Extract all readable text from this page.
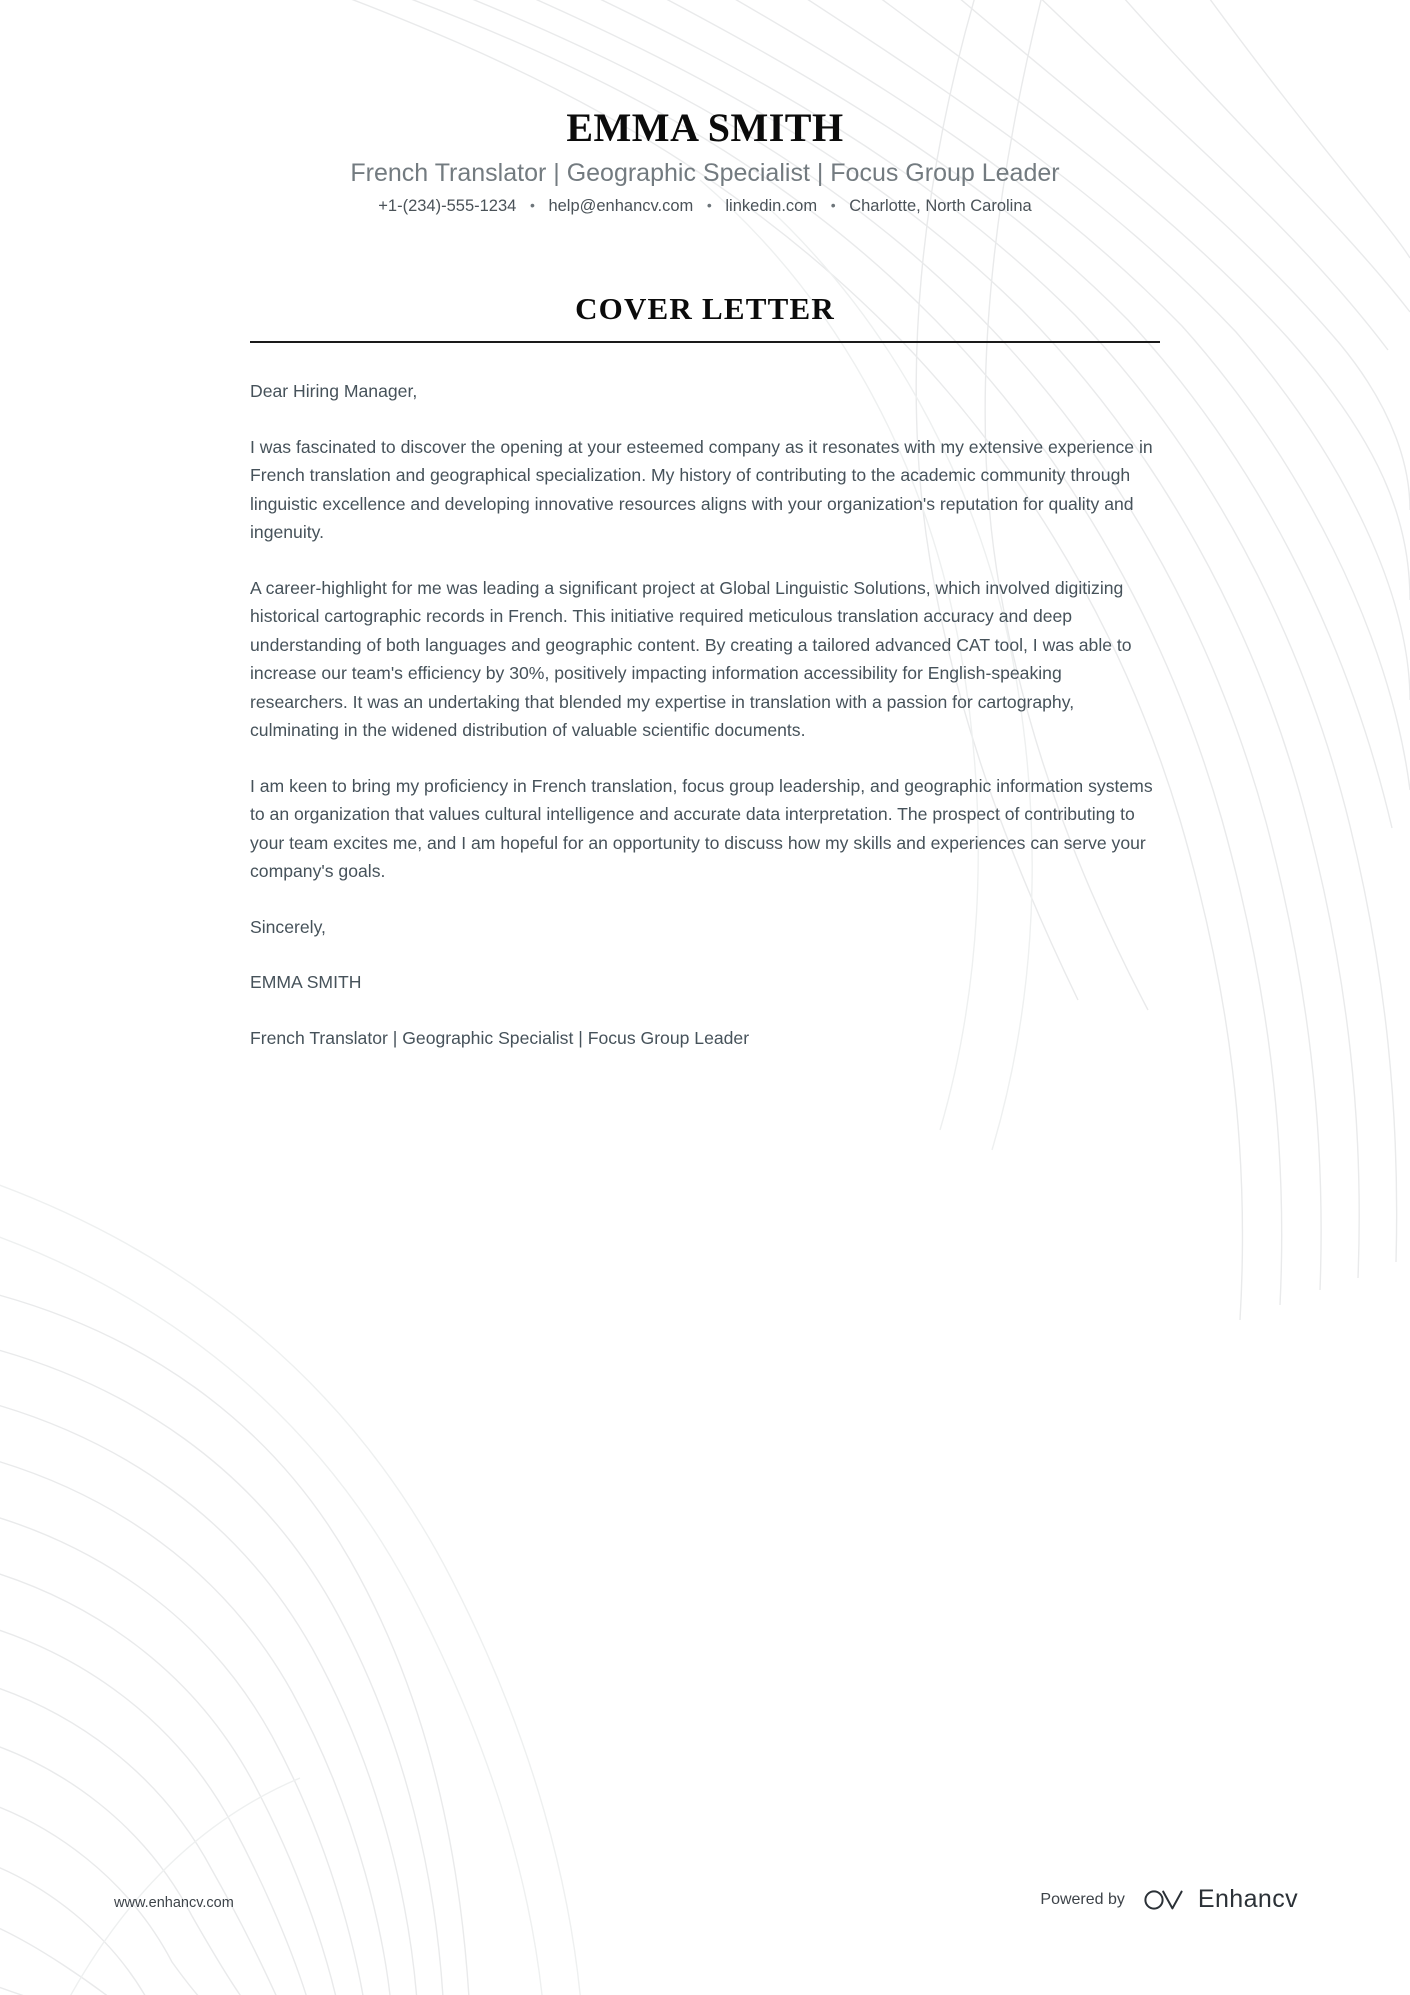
EMMA SMITH
French Translator | Geographic Specialist | Focus Group Leader
+1-(234)-555-1234 • help@enhancv.com • linkedin.com • Charlotte, North Carolina
COVER LETTER

Dear Hiring Manager,

I was fascinated to discover the opening at your esteemed company as it resonates with my extensive experience in French translation and geographical specialization. My history of contributing to the academic community through linguistic excellence and developing innovative resources aligns with your organization's reputation for quality and ingenuity.

A career-highlight for me was leading a significant project at Global Linguistic Solutions, which involved digitizing historical cartographic records in French. This initiative required meticulous translation accuracy and deep understanding of both languages and geographic content. By creating a tailored advanced CAT tool, I was able to increase our team's efficiency by 30%, positively impacting information accessibility for English-speaking researchers. It was an undertaking that blended my expertise in translation with a passion for cartography, culminating in the widened distribution of valuable scientific documents.

I am keen to bring my proficiency in French translation, focus group leadership, and geographic information systems to an organization that values cultural intelligence and accurate data interpretation. The prospect of contributing to your team excites me, and I am hopeful for an opportunity to discuss how my skills and experiences can serve your company's goals.

Sincerely,

EMMA SMITH

French Translator | Geographic Specialist | Focus Group Leader

www.enhancv.com	Powered by	Enhancv
